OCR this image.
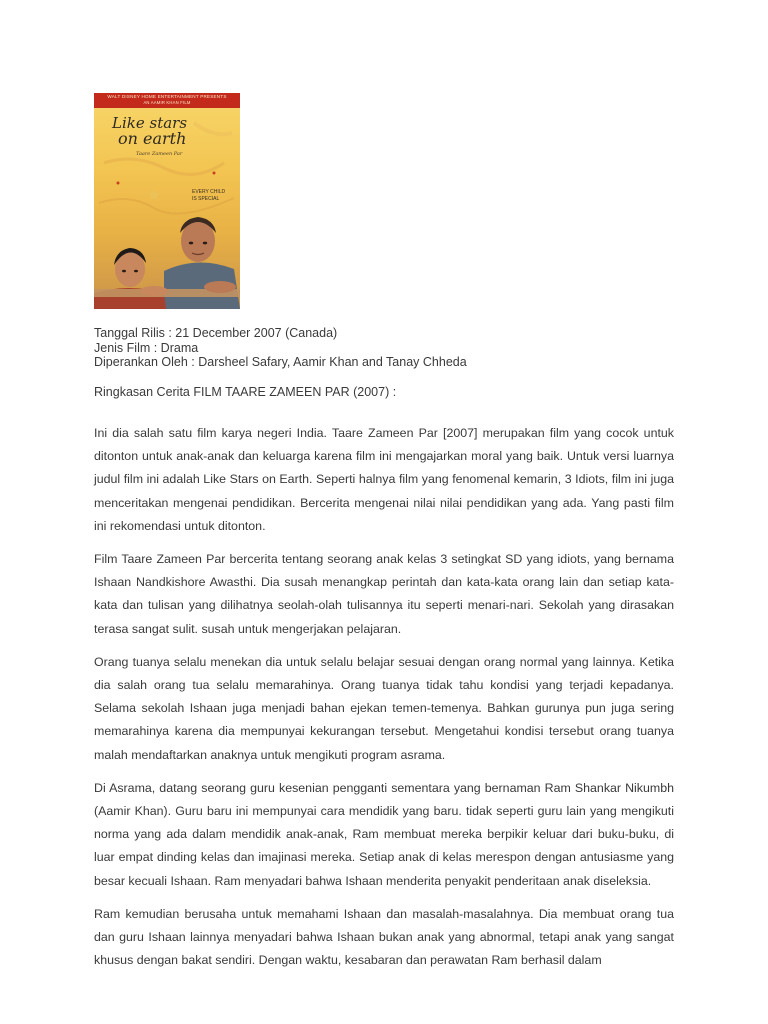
WALT DISNEY HOME ENTERTAINMENT PRESENTS
AN AAMIR KHAN FILM
Like stars
on earth
Taare Zameen Par
EVERY CHILD
IS SPECIAL
Tanggal Rilis : 21 December 2007 (Canada)
Jenis Film : Drama
Diperankan Oleh : Darsheel Safary, Aamir Khan and Tanay Chheda
Ringkasan Cerita FILM TAARE ZAMEEN PAR (2007) :

Ini dia salah satu film karya negeri India. Taare Zameen Par [2007] merupakan film yang cocok untuk ditonton untuk anak-anak dan keluarga karena film ini mengajarkan moral yang baik. Untuk versi luarnya judul film ini adalah Like Stars on Earth. Seperti halnya film yang fenomenal kemarin, 3 Idiots, film ini juga menceritakan mengenai pendidikan. Bercerita mengenai nilai nilai pendidikan yang ada. Yang pasti film ini rekomendasi untuk ditonton.

Film Taare Zameen Par bercerita tentang seorang anak kelas 3 setingkat SD yang idiots, yang bernama Ishaan Nandkishore Awasthi. Dia susah menangkap perintah dan kata-kata orang lain dan setiap kata-kata dan tulisan yang dilihatnya seolah-olah tulisannya itu seperti menari-nari. Sekolah yang dirasakan terasa sangat sulit. susah untuk mengerjakan pelajaran.

Orang tuanya selalu menekan dia untuk selalu belajar sesuai dengan orang normal yang lainnya. Ketika dia salah orang tua selalu memarahinya. Orang tuanya tidak tahu kondisi yang terjadi kepadanya. Selama sekolah Ishaan juga menjadi bahan ejekan temen-temenya. Bahkan gurunya pun juga sering memarahinya karena dia mempunyai kekurangan tersebut. Mengetahui kondisi tersebut orang tuanya malah mendaftarkan anaknya untuk mengikuti program asrama.

Di Asrama, datang seorang guru kesenian pengganti sementara yang bernaman Ram Shankar Nikumbh (Aamir Khan). Guru baru ini mempunyai cara mendidik yang baru. tidak seperti guru lain yang mengikuti norma yang ada dalam mendidik anak-anak, Ram membuat mereka berpikir keluar dari buku-buku, di luar empat dinding kelas dan imajinasi mereka. Setiap anak di kelas merespon dengan antusiasme yang besar kecuali Ishaan. Ram menyadari bahwa Ishaan menderita penyakit penderitaan anak diseleksia.

Ram kemudian berusaha untuk memahami Ishaan dan masalah-masalahnya. Dia membuat orang tua dan guru Ishaan lainnya menyadari bahwa Ishaan bukan anak yang abnormal, tetapi anak yang sangat khusus dengan bakat sendiri. Dengan waktu, kesabaran dan perawatan Ram berhasil dalam
